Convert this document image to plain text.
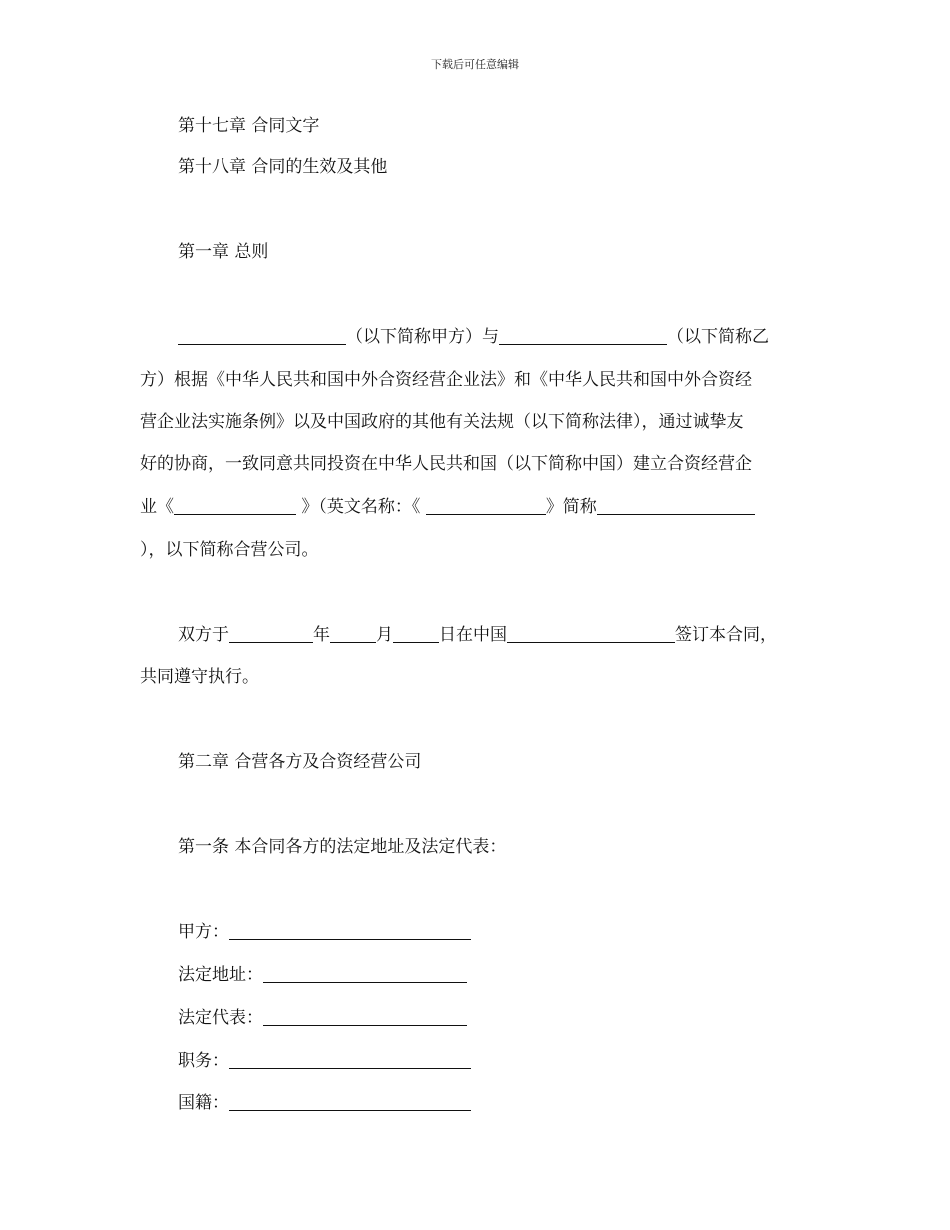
下载后可任意编辑
第十七章 合同文字
第十八章 合同的生效及其他
第一章 总则
（以下简称甲方）与	（以下简称乙
方）根据《中华人民共和国中外合资经营企业法》和《中华人民共和国中外合资经
营企业法实施条例》以及中国政府的其他有关法规（以下简称法律），通过诚挚友
好的协商，一致同意共同投资在中华人民共和国（以下简称中国）建立合资经营企
业《	》（英文名称：《	》简称
），以下简称合营公司。
双方于	年	月	日在中国	签订本合同，
共同遵守执行。
第二章 合营各方及合资经营公司
第一条 本合同各方的法定地址及法定代表：
甲方：
法定地址：
法定代表：
职务：
国籍：
